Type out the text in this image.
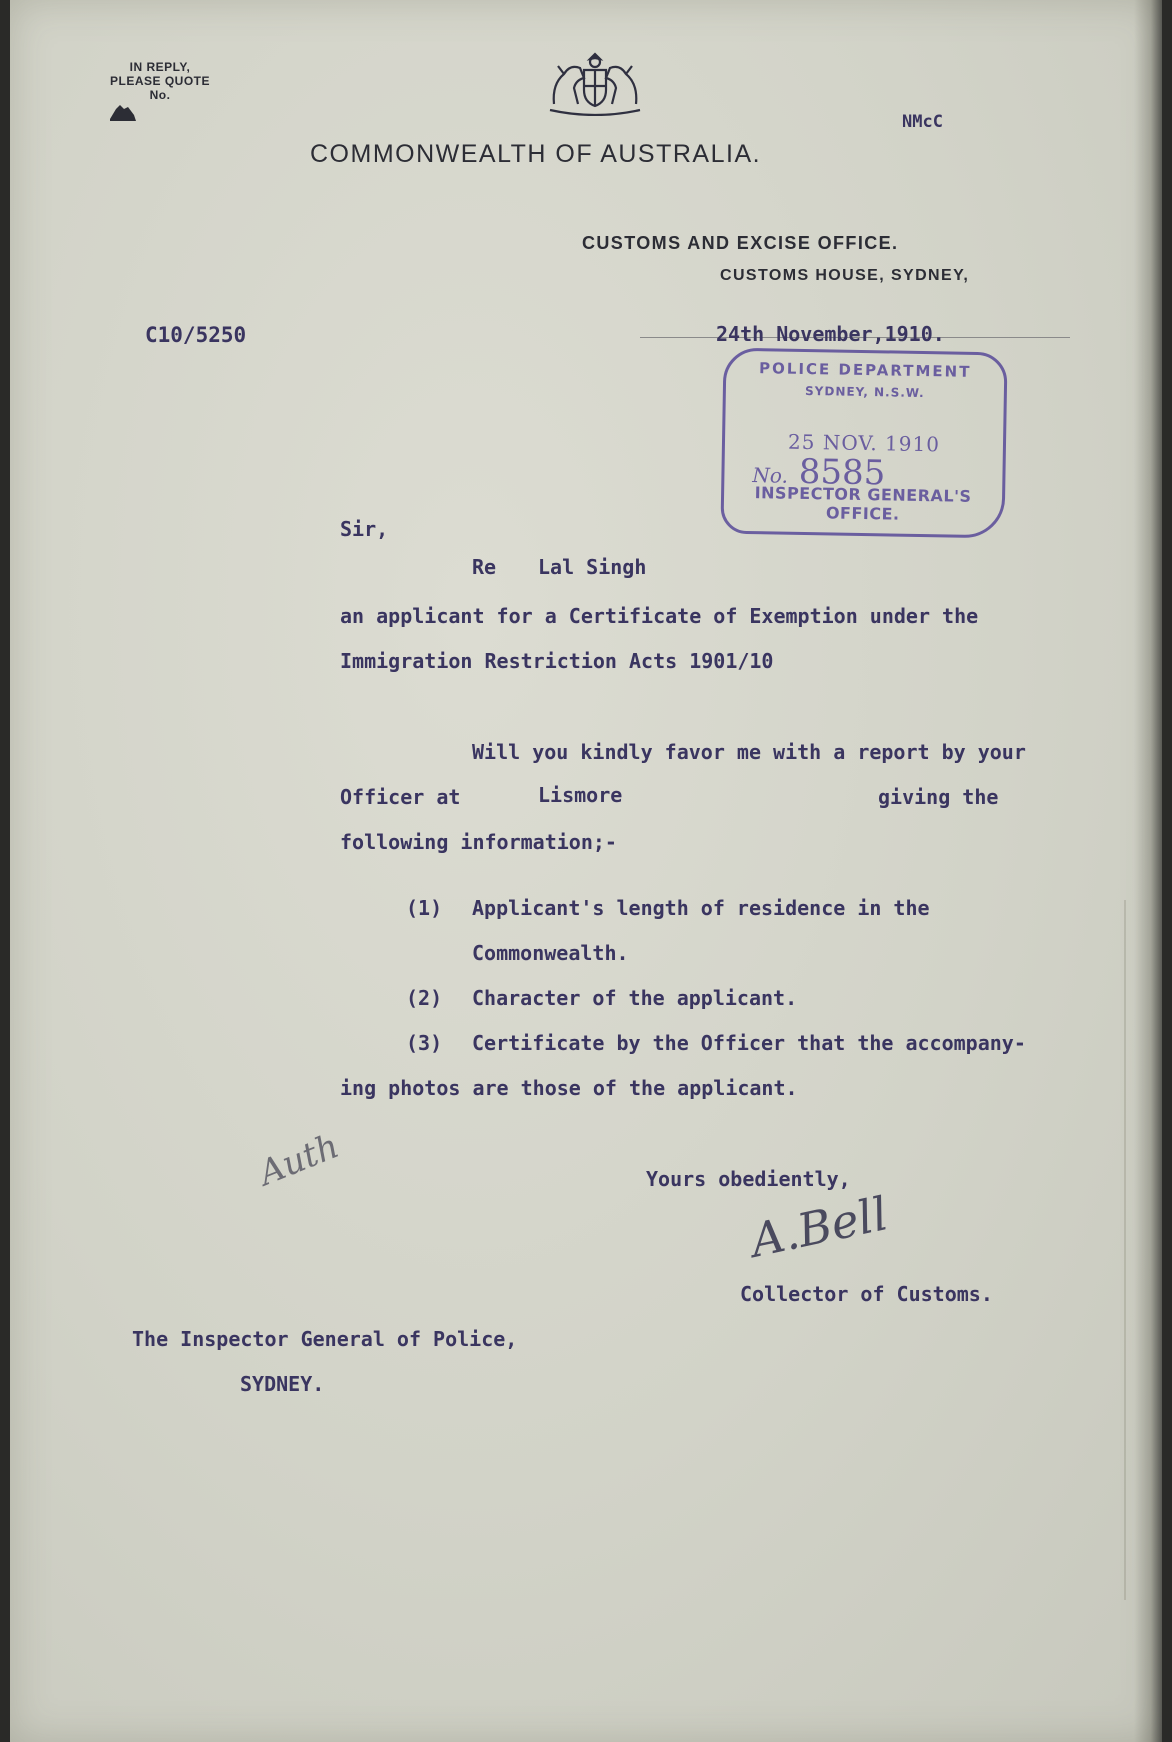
IN REPLY,
PLEASE QUOTE
No.
NMcC
COMMONWEALTH OF AUSTRALIA.
CUSTOMS AND EXCISE OFFICE.
CUSTOMS HOUSE, SYDNEY,
C10/5250	24th November,1910.
POLICE DEPARTMENT
SYDNEY, N.S.W.
25 NOV. 1910
No. 8585
INSPECTOR GENERAL'S OFFICE.
Sir,
Re Lal Singh
an applicant for a Certificate of Exemption under the
Immigration Restriction Acts 1901/10
Will you kindly favor me with a report by your
Officer at	Lismore	giving the
following information;-
(1) Applicant's length of residence in the
Commonwealth.
(2) Character of the applicant.
(3) Certificate by the Officer that the accompany-
ing photos are those of the applicant.
Auth	Yours obediently,
A.Bell
Collector of Customs.
The Inspector General of Police,
SYDNEY.
